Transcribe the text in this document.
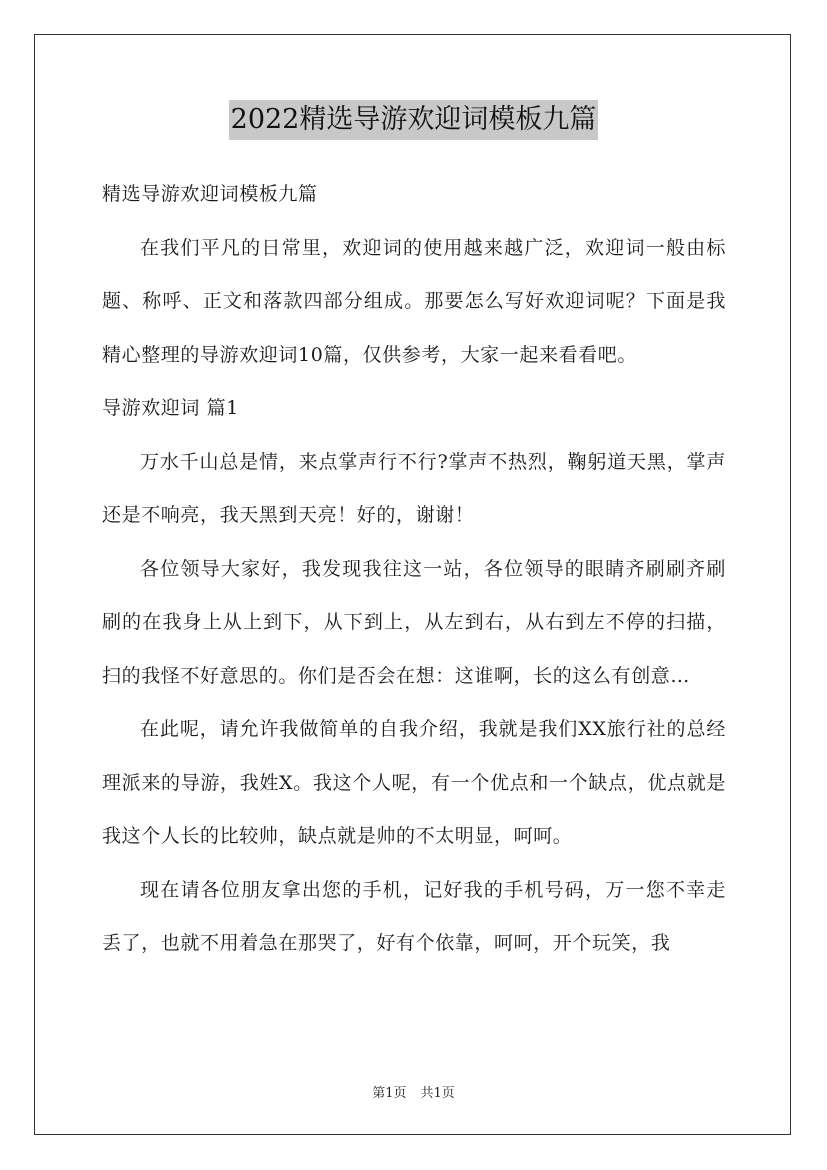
2022精选导游欢迎词模板九篇

精选导游欢迎词模板九篇

在我们平凡的日常里，欢迎词的使用越来越广泛，欢迎词一般由标题、称呼、正文和落款四部分组成。那要怎么写好欢迎词呢？下面是我精心整理的导游欢迎词10篇，仅供参考，大家一起来看看吧。

导游欢迎词 篇1

万水千山总是情，来点掌声行不行?掌声不热烈，鞠躬道天黑，掌声还是不响亮，我天黑到天亮！好的，谢谢！

各位领导大家好，我发现我往这一站，各位领导的眼睛齐刷刷齐刷刷的在我身上从上到下，从下到上，从左到右，从右到左不停的扫描，扫的我怪不好意思的。你们是否会在想：这谁啊，长的这么有创意…

在此呢，请允许我做简单的自我介绍，我就是我们XX旅行社的总经理派来的导游，我姓X。我这个人呢，有一个优点和一个缺点，优点就是我这个人长的比较帅，缺点就是帅的不太明显，呵呵。

现在请各位朋友拿出您的手机，记好我的手机号码，万一您不幸走丢了，也就不用着急在那哭了，好有个依靠，呵呵，开个玩笑，我

第1页 共1页
